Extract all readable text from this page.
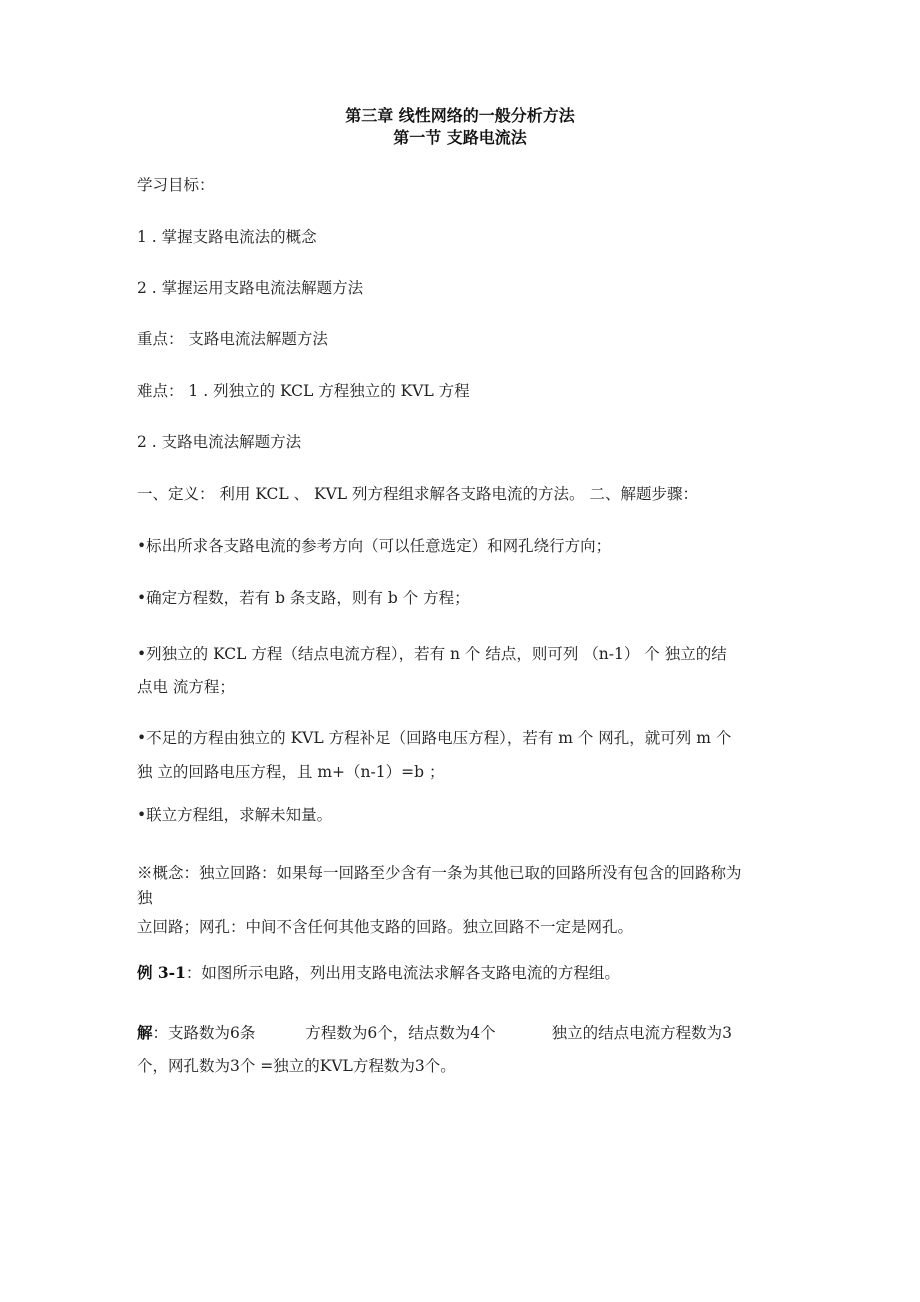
第三章 线性网络的一般分析方法
第一节 支路电流法
学习目标：
1 . 掌握支路电流法的概念
2 . 掌握运用支路电流法解题方法
重点： 支路电流法解题方法
难点： 1 . 列独立的 KCL 方程独立的 KVL 方程
2 . 支路电流法解题方法
一、定义： 利用 KCL 、 KVL 列方程组求解各支路电流的方法。 二、解题步骤：
•标出所求各支路电流的参考方向（可以任意选定）和网孔绕行方向；
•确定方程数，若有 b 条支路，则有 b 个 方程；
•列独立的 KCL 方程（结点电流方程），若有 n 个 结点，则可列 （n-1） 个 独立的结
点电 流方程；
•不足的方程由独立的 KVL 方程补足（回路电压方程），若有 m 个 网孔，就可列 m 个
独 立的回路电压方程，且 m+（n-1）=b ；
•联立方程组，求解未知量。
※概念：独立回路：如果每一回路至少含有一条为其他已取的回路所没有包含的回路称为
独
立回路；网孔：中间不含任何其他支路的回路。独立回路不一定是网孔。
例 3-1：如图所示电路，列出用支路电流法求解各支路电流的方程组。
解：支路数为6条	方程数为6个，结点数为4个	独立的结点电流方程数为3
个，网孔数为3个 =独立的KVL方程数为3个。
